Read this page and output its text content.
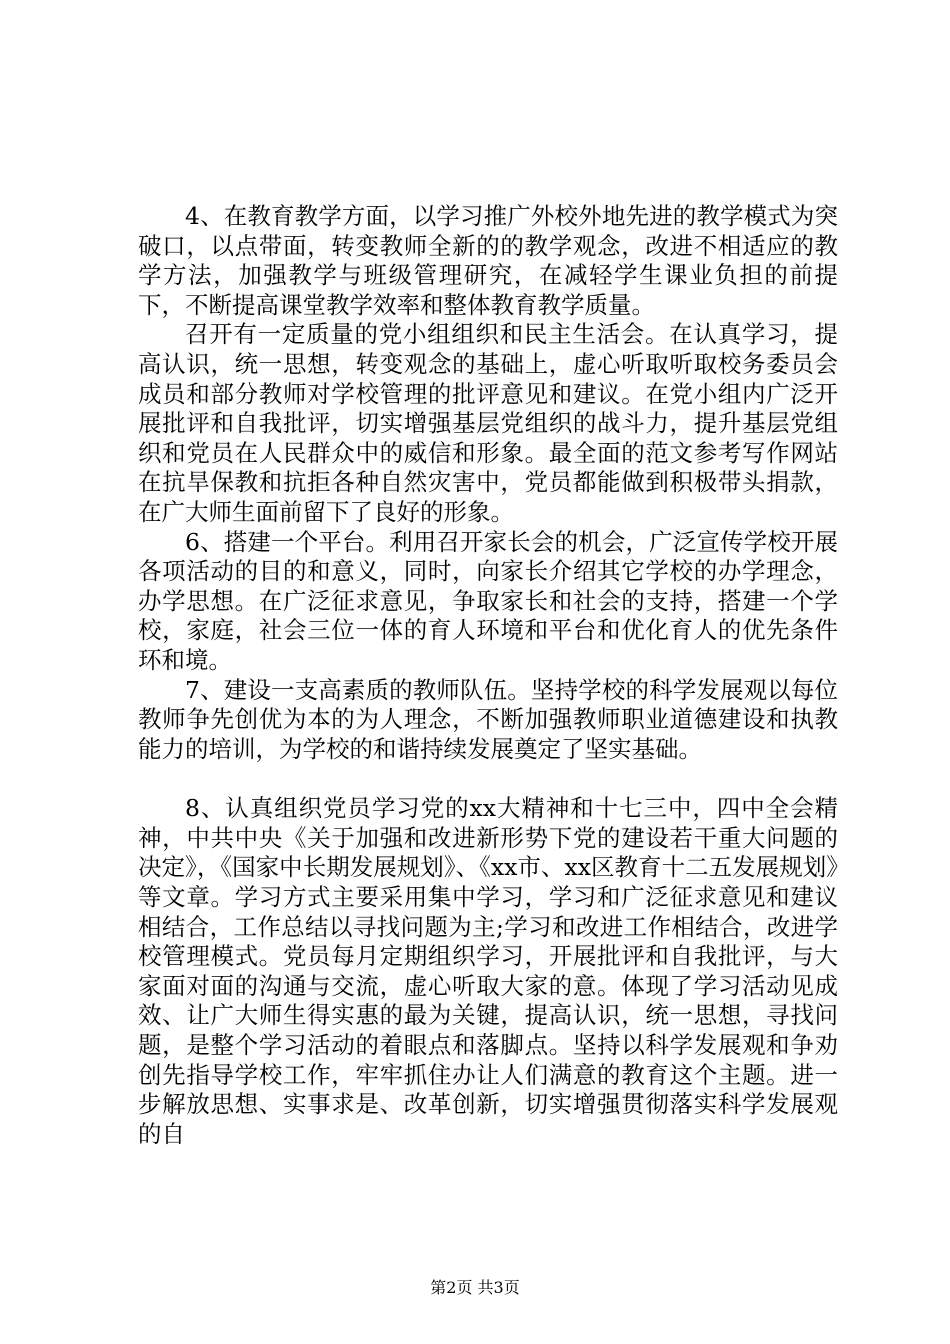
4、在教育教学方面，以学习推广外校外地先进的教学模式为突破口，以点带面，转变教师全新的的教学观念，改进不相适应的教学方法，加强教学与班级管理研究，在减轻学生课业负担的前提下，不断提高课堂教学效率和整体教育教学质量。

召开有一定质量的党小组组织和民主生活会。在认真学习，提高认识，统一思想，转变观念的基础上，虚心听取听取校务委员会成员和部分教师对学校管理的批评意见和建议。在党小组内广泛开展批评和自我批评，切实增强基层党组织的战斗力，提升基层党组织和党员在人民群众中的威信和形象。最全面的范文参考写作网站在抗旱保教和抗拒各种自然灾害中，党员都能做到积极带头捐款，在广大师生面前留下了良好的形象。

6、搭建一个平台。利用召开家长会的机会，广泛宣传学校开展各项活动的目的和意义，同时，向家长介绍其它学校的办学理念，办学思想。在广泛征求意见，争取家长和社会的支持，搭建一个学校，家庭，社会三位一体的育人环境和平台和优化育人的优先条件环和境。

7、建设一支高素质的教师队伍。坚持学校的科学发展观以每位教师争先创优为本的为人理念，不断加强教师职业道德建设和执教能力的培训，为学校的和谐持续发展奠定了坚实基础。

8、认真组织党员学习党的xx大精神和十七三中，四中全会精神，中共中央《关于加强和改进新形势下党的建设若干重大问题的决定》，《国家中长期发展规划》、《xx市、xx区教育十二五发展规划》等文章。学习方式主要采用集中学习，学习和广泛征求意见和建议相结合，工作总结以寻找问题为主;学习和改进工作相结合，改进学校管理模式。党员每月定期组织学习，开展批评和自我批评，与大家面对面的沟通与交流，虚心听取大家的意。体现了学习活动见成效、让广大师生得实惠的最为关键，提高认识，统一思想，寻找问题，是整个学习活动的着眼点和落脚点。坚持以科学发展观和争劝创先指导学校工作，牢牢抓住办让人们满意的教育这个主题。进一步解放思想、实事求是、改革创新，切实增强贯彻落实科学发展观的自

第2页 共3页
